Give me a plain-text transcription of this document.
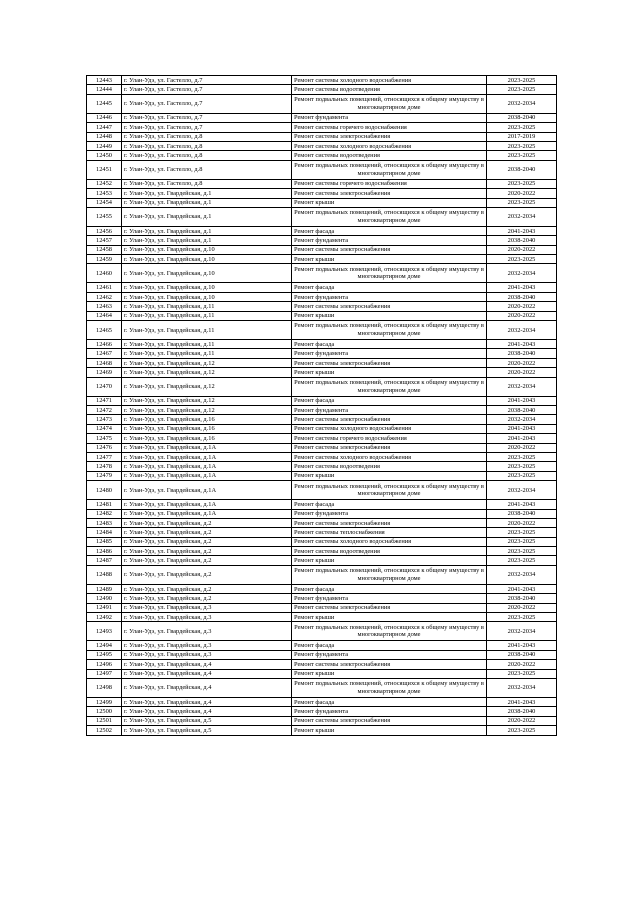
12443	г. Улан-Удэ, ул. Гастелло, д.7	Ремонт системы холодного водоснабжения	2023-2025
12444	г. Улан-Удэ, ул. Гастелло, д.7	Ремонт системы водоотведения	2023-2025
12445	г. Улан-Удэ, ул. Гастелло, д.7	Ремонт подвальных помещений, относящихся к общему имуществу в многоквартирном доме	2032-2034
12446	г. Улан-Удэ, ул. Гастелло, д.7	Ремонт фундамента	2038-2040
12447	г. Улан-Удэ, ул. Гастелло, д.7	Ремонт системы горячего водоснабжения	2023-2025
12448	г. Улан-Удэ, ул. Гастелло, д.8	Ремонт системы электроснабжения	2017-2019
12449	г. Улан-Удэ, ул. Гастелло, д.8	Ремонт системы холодного водоснабжения	2023-2025
12450	г. Улан-Удэ, ул. Гастелло, д.8	Ремонт системы водоотведения	2023-2025
12451	г. Улан-Удэ, ул. Гастелло, д.8	Ремонт подвальных помещений, относящихся к общему имуществу в многоквартирном доме	2038-2040
12452	г. Улан-Удэ, ул. Гастелло, д.8	Ремонт системы горячего водоснабжения	2023-2025
12453	г. Улан-Удэ, ул. Гвардейская, д.1	Ремонт системы электроснабжения	2020-2022
12454	г. Улан-Удэ, ул. Гвардейская, д.1	Ремонт крыши	2023-2025
12455	г. Улан-Удэ, ул. Гвардейская, д.1	Ремонт подвальных помещений, относящихся к общему имуществу в многоквартирном доме	2032-2034
12456	г. Улан-Удэ, ул. Гвардейская, д.1	Ремонт фасада	2041-2043
12457	г. Улан-Удэ, ул. Гвардейская, д.1	Ремонт фундамента	2038-2040
12458	г. Улан-Удэ, ул. Гвардейская, д.10	Ремонт системы электроснабжения	2020-2022
12459	г. Улан-Удэ, ул. Гвардейская, д.10	Ремонт крыши	2023-2025
12460	г. Улан-Удэ, ул. Гвардейская, д.10	Ремонт подвальных помещений, относящихся к общему имуществу в многоквартирном доме	2032-2034
12461	г. Улан-Удэ, ул. Гвардейская, д.10	Ремонт фасада	2041-2043
12462	г. Улан-Удэ, ул. Гвардейская, д.10	Ремонт фундамента	2038-2040
12463	г. Улан-Удэ, ул. Гвардейская, д.11	Ремонт системы электроснабжения	2020-2022
12464	г. Улан-Удэ, ул. Гвардейская, д.11	Ремонт крыши	2020-2022
12465	г. Улан-Удэ, ул. Гвардейская, д.11	Ремонт подвальных помещений, относящихся к общему имуществу в многоквартирном доме	2032-2034
12466	г. Улан-Удэ, ул. Гвардейская, д.11	Ремонт фасада	2041-2043
12467	г. Улан-Удэ, ул. Гвардейская, д.11	Ремонт фундамента	2038-2040
12468	г. Улан-Удэ, ул. Гвардейская, д.12	Ремонт системы электроснабжения	2020-2022
12469	г. Улан-Удэ, ул. Гвардейская, д.12	Ремонт крыши	2020-2022
12470	г. Улан-Удэ, ул. Гвардейская, д.12	Ремонт подвальных помещений, относящихся к общему имуществу в многоквартирном доме	2032-2034
12471	г. Улан-Удэ, ул. Гвардейская, д.12	Ремонт фасада	2041-2043
12472	г. Улан-Удэ, ул. Гвардейская, д.12	Ремонт фундамента	2038-2040
12473	г. Улан-Удэ, ул. Гвардейская, д.16	Ремонт системы электроснабжения	2032-2034
12474	г. Улан-Удэ, ул. Гвардейская, д.16	Ремонт системы холодного водоснабжения	2041-2043
12475	г. Улан-Удэ, ул. Гвардейская, д.16	Ремонт системы горячего водоснабжения	2041-2043
12476	г. Улан-Удэ, ул. Гвардейская, д.1А	Ремонт системы электроснабжения	2020-2022
12477	г. Улан-Удэ, ул. Гвардейская, д.1А	Ремонт системы холодного водоснабжения	2023-2025
12478	г. Улан-Удэ, ул. Гвардейская, д.1А	Ремонт системы водоотведения	2023-2025
12479	г. Улан-Удэ, ул. Гвардейская, д.1А	Ремонт крыши	2023-2025
12480	г. Улан-Удэ, ул. Гвардейская, д.1А	Ремонт подвальных помещений, относящихся к общему имуществу в многоквартирном доме	2032-2034
12481	г. Улан-Удэ, ул. Гвардейская, д.1А	Ремонт фасада	2041-2043
12482	г. Улан-Удэ, ул. Гвардейская, д.1А	Ремонт фундамента	2038-2040
12483	г. Улан-Удэ, ул. Гвардейская, д.2	Ремонт системы электроснабжения	2020-2022
12484	г. Улан-Удэ, ул. Гвардейская, д.2	Ремонт системы теплоснабжения	2023-2025
12485	г. Улан-Удэ, ул. Гвардейская, д.2	Ремонт системы холодного водоснабжения	2023-2025
12486	г. Улан-Удэ, ул. Гвардейская, д.2	Ремонт системы водоотведения	2023-2025
12487	г. Улан-Удэ, ул. Гвардейская, д.2	Ремонт крыши	2023-2025
12488	г. Улан-Удэ, ул. Гвардейская, д.2	Ремонт подвальных помещений, относящихся к общему имуществу в многоквартирном доме	2032-2034
12489	г. Улан-Удэ, ул. Гвардейская, д.2	Ремонт фасада	2041-2043
12490	г. Улан-Удэ, ул. Гвардейская, д.2	Ремонт фундамента	2038-2040
12491	г. Улан-Удэ, ул. Гвардейская, д.3	Ремонт системы электроснабжения	2020-2022
12492	г. Улан-Удэ, ул. Гвардейская, д.3	Ремонт крыши	2023-2025
12493	г. Улан-Удэ, ул. Гвардейская, д.3	Ремонт подвальных помещений, относящихся к общему имуществу в многоквартирном доме	2032-2034
12494	г. Улан-Удэ, ул. Гвардейская, д.3	Ремонт фасада	2041-2043
12495	г. Улан-Удэ, ул. Гвардейская, д.3	Ремонт фундамента	2038-2040
12496	г. Улан-Удэ, ул. Гвардейская, д.4	Ремонт системы электроснабжения	2020-2022
12497	г. Улан-Удэ, ул. Гвардейская, д.4	Ремонт крыши	2023-2025
12498	г. Улан-Удэ, ул. Гвардейская, д.4	Ремонт подвальных помещений, относящихся к общему имуществу в многоквартирном доме	2032-2034
12499	г. Улан-Удэ, ул. Гвардейская, д.4	Ремонт фасада	2041-2043
12500	г. Улан-Удэ, ул. Гвардейская, д.4	Ремонт фундамента	2038-2040
12501	г. Улан-Удэ, ул. Гвардейская, д.5	Ремонт системы электроснабжения	2020-2022
12502	г. Улан-Удэ, ул. Гвардейская, д.5	Ремонт крыши	2023-2025
